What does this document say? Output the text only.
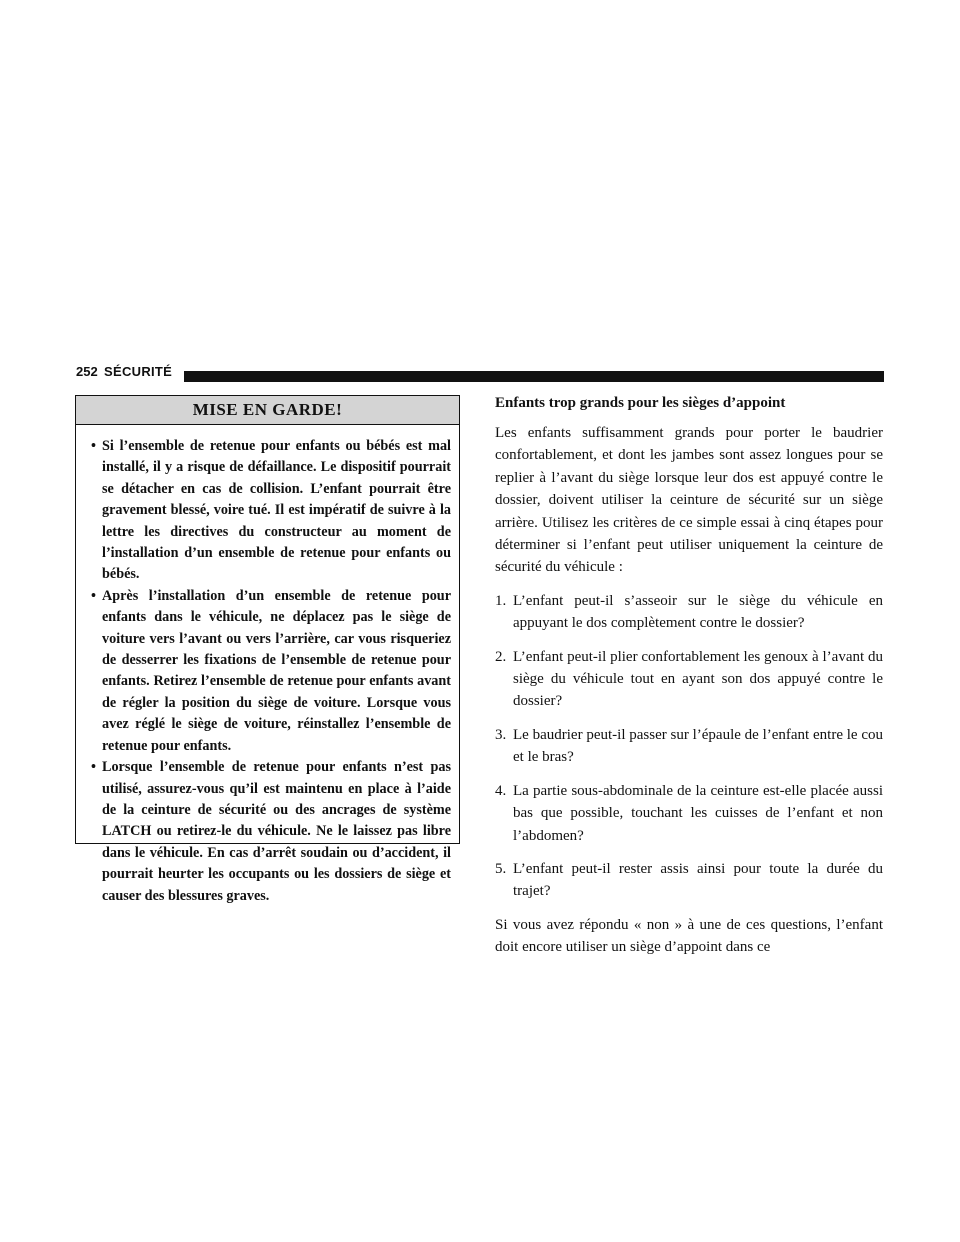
252 SÉCURITÉ
MISE EN GARDE!
• Si l’ensemble de retenue pour enfants ou bébés est mal installé, il y a risque de défaillance. Le dispositif pourrait se détacher en cas de collision. L’enfant pourrait être gravement blessé, voire tué. Il est impératif de suivre à la lettre les directives du constructeur au moment de l’installation d’un ensemble de retenue pour enfants ou bébés.
• Après l’installation d’un ensemble de retenue pour enfants dans le véhicule, ne déplacez pas le siège de voiture vers l’avant ou vers l’arrière, car vous risqueriez de desserrer les fixations de l’ensemble de retenue pour enfants. Retirez l’ensemble de retenue pour enfants avant de régler la position du siège de voiture. Lorsque vous avez réglé le siège de voiture, réinstallez l’ensemble de retenue pour enfants.
• Lorsque l’ensemble de retenue pour enfants n’est pas utilisé, assurez-vous qu’il est maintenu en place à l’aide de la ceinture de sécurité ou des ancrages de système LATCH ou retirez-le du véhicule. Ne le laissez pas libre dans le véhicule. En cas d’arrêt soudain ou d’accident, il pourrait heurter les occupants ou les dossiers de siège et causer des blessures graves.
Enfants trop grands pour les sièges d’appoint

Les enfants suffisamment grands pour porter le baudrier confortablement, et dont les jambes sont assez longues pour se replier à l’avant du siège lorsque leur dos est appuyé contre le dossier, doivent utiliser la ceinture de sécurité sur un siège arrière. Utilisez les critères de ce simple essai à cinq étapes pour déterminer si l’enfant peut utiliser uniquement la ceinture de sécurité du véhicule :

1. L’enfant peut-il s’asseoir sur le siège du véhicule en appuyant le dos complètement contre le dossier?
2. L’enfant peut-il plier confortablement les genoux à l’avant du siège du véhicule tout en ayant son dos appuyé contre le dossier?
3. Le baudrier peut-il passer sur l’épaule de l’enfant entre le cou et le bras?
4. La partie sous-abdominale de la ceinture est-elle placée aussi bas que possible, touchant les cuisses de l’enfant et non l’abdomen?
5. L’enfant peut-il rester assis ainsi pour toute la durée du trajet?

Si vous avez répondu « non » à une de ces questions, l’enfant doit encore utiliser un siège d’appoint dans ce
